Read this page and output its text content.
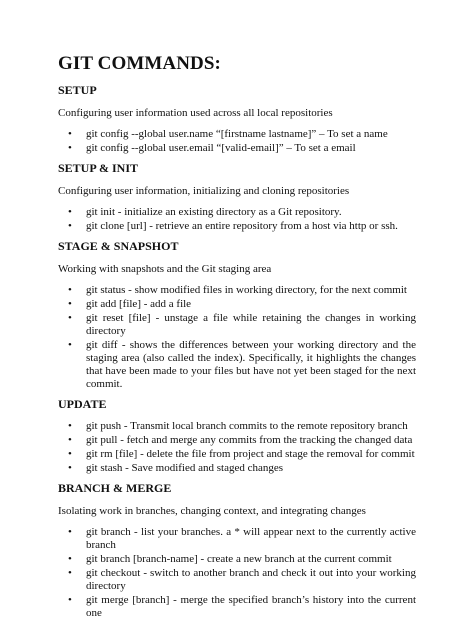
GIT COMMANDS:
SETUP

Configuring user information used across all local repositories

• git config --global user.name “[firstname lastname]” – To set a name
• git config --global user.email “[valid-email]” – To set a email
SETUP & INIT

Configuring user information, initializing and cloning repositories

• git init - initialize an existing directory as a Git repository.
• git clone [url] - retrieve an entire repository from a host via http or ssh.
STAGE & SNAPSHOT

Working with snapshots and the Git staging area

• git status - show modified files in working directory, for the next commit
• git add [file] - add a file
• git reset [file] - unstage a file while retaining the changes in working directory
• git diff - shows the differences between your working directory and the staging area (also called the index). Specifically, it highlights the changes that have been made to your files but have not yet been staged for the next commit.
UPDATE
• git push - Transmit local branch commits to the remote repository branch
• git pull - fetch and merge any commits from the tracking the changed data
• git rm [file] - delete the file from project and stage the removal for commit
• git stash - Save modified and staged changes
BRANCH & MERGE

Isolating work in branches, changing context, and integrating changes

• git branch - list your branches. a * will appear next to the currently active branch
• git branch [branch-name] - create a new branch at the current commit
• git checkout - switch to another branch and check it out into your working directory
• git merge [branch] - merge the specified branch’s history into the current one
